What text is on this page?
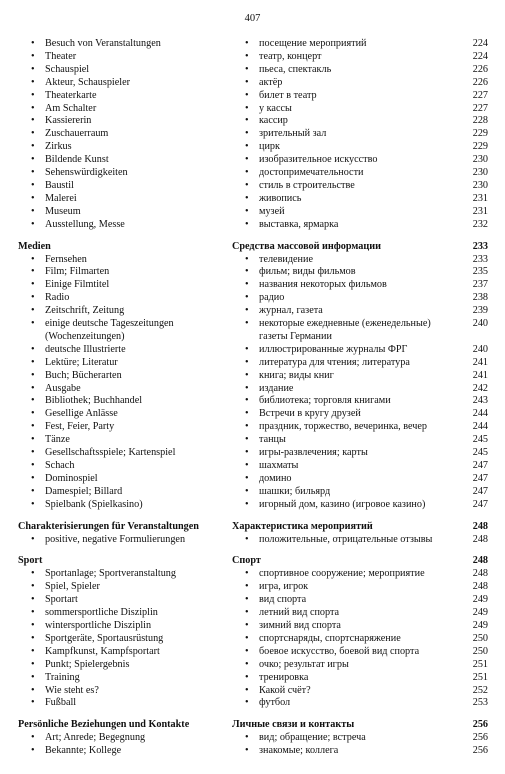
407
• Besuch von Veranstaltungen	• посещение мероприятий	224
• Theater	• театр, концерт	224
• Schauspiel	• пьеса, спектакль	226
• Akteur, Schauspieler	• актёр	226
• Theaterkarte	• билет в театр	227
• Am Schalter	• у кассы	227
• Kassiererin	• кассир	228
• Zuschauerraum	• зрительный зал	229
• Zirkus	• цирк	229
• Bildende Kunst	• изобразительное искусство	230
• Sehenswürdigkeiten	• достопримечательности	230
• Baustil	• стиль в строительстве	230
• Malerei	• живопись	231
• Museum	• музей	231
• Ausstellung, Messe	• выставка, ярмарка	232
Medien	Средства массовой информации	233
• Fernsehen	• телевидение	233
• Film; Filmarten	• фильм; виды фильмов	235
• Einige Filmtitel	• названия некоторых фильмов	237
• Radio	• радио	238
• Zeitschrift, Zeitung	• журнал, газета	239
• einige deutsche Tageszeitungen	• некоторые ежедневные (еженедельные)	240
(Wochenzeitungen)	газеты Германии
• deutsche Illustrierte	• иллюстрированные журналы ФРГ	240
• Lektüre; Literatur	• литература для чтения; литература	241
• Buch; Bücherarten	• книга; виды книг	241
• Ausgabe	• издание	242
• Bibliothek; Buchhandel	• библиотека; торговля книгами	243
• Gesellige Anlässe	• Встречи в кругу друзей	244
• Fest, Feier, Party	• праздник, торжество, вечеринка, вечер	244
• Tänze	• танцы	245
• Gesellschaftsspiele; Kartenspiel	• игры-развлечения; карты	245
• Schach	• шахматы	247
• Dominospiel	• домино	247
• Damespiel; Billard	• шашки; бильярд	247
• Spielbank (Spielkasino)	• игорный дом, казино (игровое казино)	247
Charakterisierungen für Veranstaltungen	Характеристика мероприятий	248
• positive, negative Formulierungen	• положительные, отрицательные отзывы	248
Sport	Спорт	248
• Sportanlage; Sportveranstaltung	• спортивное сооружение; мероприятие	248
• Spiel, Spieler	• игра, игрок	248
• Sportart	• вид спорта	249
• sommersportliche Disziplin	• летний вид спорта	249
• wintersportliche Disziplin	• зимний вид спорта	249
• Sportgeräte, Sportausrüstung	• спортснаряды, спортснаряжение	250
• Kampfkunst, Kampfsportart	• боевое искусство, боевой вид спорта	250
• Punkt; Spielergebnis	• очко; результат игры	251
• Training	• тренировка	251
• Wie steht es?	• Какой счёт?	252
• Fußball	• футбол	253
Persönliche Beziehungen und Kontakte	Личные связи и контакты	256
• Art; Anrede; Begegnung	• вид; обращение; встреча	256
• Bekannte; Kollege	• знакомые; коллега	256
